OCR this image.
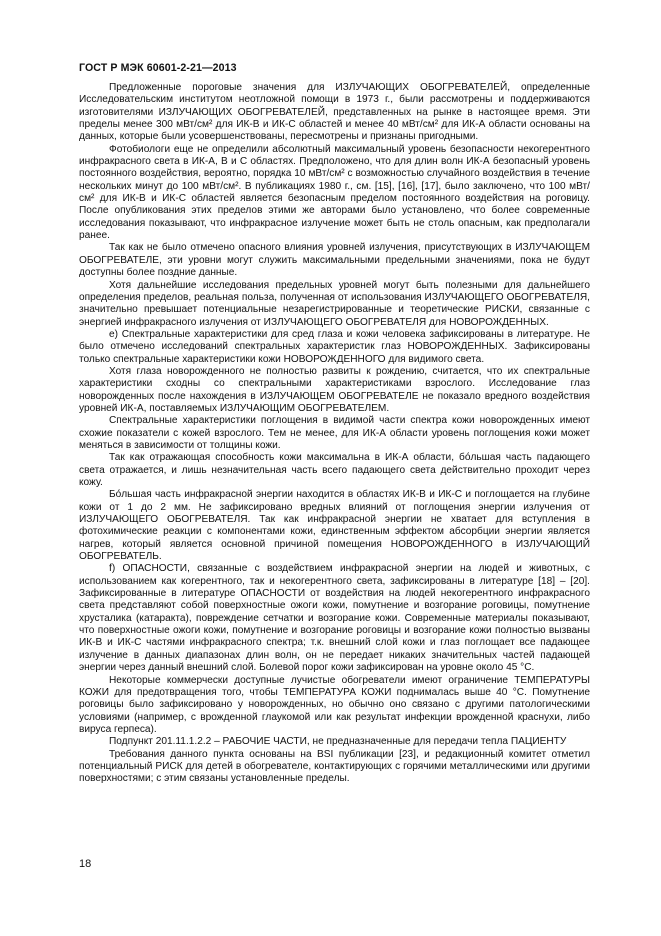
ГОСТ Р МЭК 60601-2-21—2013

Предложенные пороговые значения для ИЗЛУЧАЮЩИХ ОБОГРЕВАТЕЛЕЙ, определенные Исследовательским институтом неотложной помощи в 1973 г., были рассмотрены и поддерживаются изготовителями ИЗЛУЧАЮЩИХ ОБОГРЕВАТЕЛЕЙ, представленных на рынке в настоящее время. Эти пределы менее 300 мВт/см² для ИК-В и ИК-С областей и менее 40 мВт/см² для ИК-А области основаны на данных, которые были усовершенствованы, пересмотрены и признаны пригодными.

Фотобиологи еще не определили абсолютный максимальный уровень безопасности некогерентного инфракрасного света в ИК-А, В и С областях. Предположено, что для длин волн ИК-А безопасный уровень постоянного воздействия, вероятно, порядка 10 мВт/см² с возможностью случайного воздействия в течение нескольких минут до 100 мВт/см². В публикациях 1980 г., см. [15], [16], [17], было заключено, что 100 мВт/см² для ИК-В и ИК-С областей является безопасным пределом постоянного воздействия на роговицу. После опубликования этих пределов этими же авторами было установлено, что более современные исследования показывают, что инфракрасное излучение может быть не столь опасным, как предполагали ранее.

Так как не было отмечено опасного влияния уровней излучения, присутствующих в ИЗЛУЧАЮЩЕМ ОБОГРЕВАТЕЛЕ, эти уровни могут служить максимальными предельными значениями, пока не будут доступны более поздние данные.

Хотя дальнейшие исследования предельных уровней могут быть полезными для дальнейшего определения пределов, реальная польза, полученная от использования ИЗЛУЧАЮЩЕГО ОБОГРЕВАТЕЛЯ, значительно превышает потенциальные незарегистрированные и теоретические РИСКИ, связанные с энергией инфракрасного излучения от ИЗЛУЧАЮЩЕГО ОБОГРЕВАТЕЛЯ для НОВОРОЖДЕННЫХ.

e) Спектральные характеристики для сред глаза и кожи человека зафиксированы в литературе. Не было отмечено исследований спектральных характеристик глаз НОВОРОЖДЕННЫХ. Зафиксированы только спектральные характеристики кожи НОВОРОЖДЕННОГО для видимого света.

Хотя глаза новорожденного не полностью развиты к рождению, считается, что их спектральные характеристики сходны со спектральными характеристиками взрослого. Исследование глаз новорожденных после нахождения в ИЗЛУЧАЮЩЕМ ОБОГРЕВАТЕЛЕ не показало вредного воздействия уровней ИК-А, поставляемых ИЗЛУЧАЮЩИМ ОБОГРЕВАТЕЛЕМ.

Спектральные характеристики поглощения в видимой части спектра кожи новорожденных имеют схожие показатели с кожей взрослого. Тем не менее, для ИК-А области уровень поглощения кожи может меняться в зависимости от толщины кожи.

Так как отражающая способность кожи максимальна в ИК-А области, бо́льшая часть падающего света отражается, и лишь незначительная часть всего падающего света действительно проходит через кожу.

Бо́льшая часть инфракрасной энергии находится в областях ИК-В и ИК-С и поглощается на глубине кожи от 1 до 2 мм. Не зафиксировано вредных влияний от поглощения энергии излучения от ИЗЛУЧАЮЩЕГО ОБОГРЕВАТЕЛЯ. Так как инфракрасной энергии не хватает для вступления в фотохимические реакции с компонентами кожи, единственным эффектом абсорбции энергии является нагрев, который является основной причиной помещения НОВОРОЖДЕННОГО в ИЗЛУЧАЮЩИЙ ОБОГРЕВАТЕЛЬ.

f) ОПАСНОСТИ, связанные с воздействием инфракрасной энергии на людей и животных, с использованием как когерентного, так и некогерентного света, зафиксированы в литературе [18] – [20]. Зафиксированные в литературе ОПАСНОСТИ от воздействия на людей некогерентного инфракрасного света представляют собой поверхностные ожоги кожи, помутнение и возгорание роговицы, помутнение хрусталика (катаракта), повреждение сетчатки и возгорание кожи. Современные материалы показывают, что поверхностные ожоги кожи, помутнение и возгорание роговицы и возгорание кожи полностью вызваны ИК-В и ИК-С частями инфракрасного спектра; т.к. внешний слой кожи и глаз поглощает все падающее излучение в данных диапазонах длин волн, он не передает никаких значительных частей падающей энергии через данный внешний слой. Болевой порог кожи зафиксирован на уровне около 45 °С.

Некоторые коммерчески доступные лучистые обогреватели имеют ограничение ТЕМПЕРАТУРЫ КОЖИ для предотвращения того, чтобы ТЕМПЕРАТУРА КОЖИ поднималась выше 40 °С. Помутнение роговицы было зафиксировано у новорожденных, но обычно оно связано с другими патологическими условиями (например, с врожденной глаукомой или как результат инфекции врожденной краснухи, либо вируса герпеса).

Подпункт 201.11.1.2.2 – РАБОЧИЕ ЧАСТИ, не предназначенные для передачи тепла ПАЦИЕНТУ

Требования данного пункта основаны на BSI публикации [23], и редакционный комитет отметил потенциальный РИСК для детей в обогревателе, контактирующих с горячими металлическими или другими поверхностями; с этим связаны установленные пределы.

18
